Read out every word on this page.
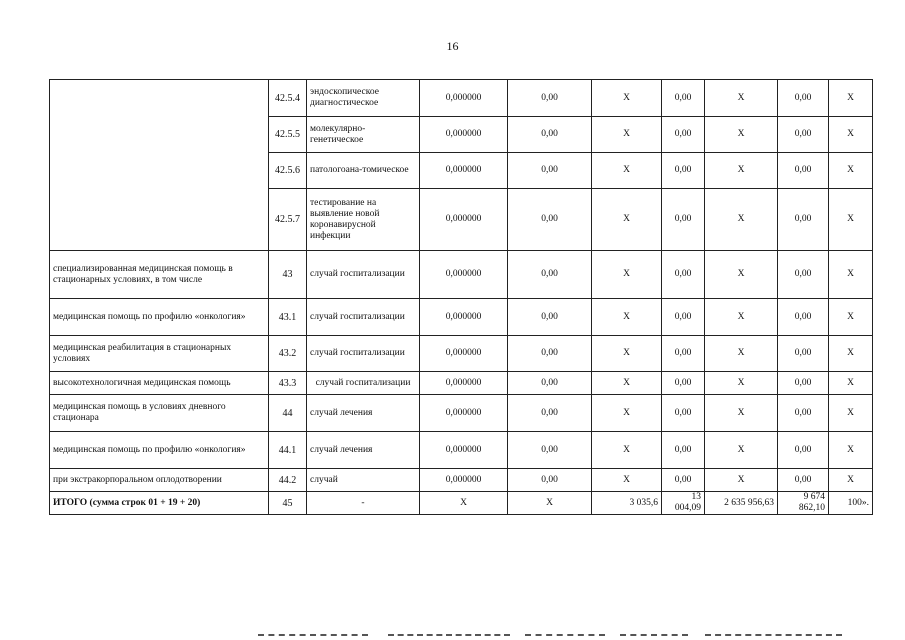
16
	42.5.4	эндоскопическое диагностическое	0,000000	0,00	Х	0,00	Х	0,00	Х
	42.5.5	молекулярно-генетическое	0,000000	0,00	Х	0,00	Х	0,00	Х
	42.5.6	патологоана-томическое	0,000000	0,00	Х	0,00	Х	0,00	Х
	42.5.7	тестирование на выявление новой коронавирусной инфекции	0,000000	0,00	Х	0,00	Х	0,00	Х
специализированная медицинская помощь в стационарных условиях, в том числе	43	случай госпитализации	0,000000	0,00	Х	0,00	Х	0,00	Х
медицинская помощь по профилю «онкология»	43.1	случай госпитализации	0,000000	0,00	Х	0,00	Х	0,00	Х
медицинская реабилитация в стационарных условиях	43.2	случай госпитализации	0,000000	0,00	Х	0,00	Х	0,00	Х
высокотехнологичная медицинская помощь	43.3	случай госпитализации	0,000000	0,00	Х	0,00	Х	0,00	Х
медицинская помощь в условиях дневного стационара	44	случай лечения	0,000000	0,00	Х	0,00	Х	0,00	Х
медицинская помощь по профилю «онкология»	44.1	случай лечения	0,000000	0,00	Х	0,00	Х	0,00	Х
при экстракорпоральном оплодотворении	44.2	случай	0,000000	0,00	Х	0,00	Х	0,00	Х
ИТОГО (сумма строк 01 + 19 + 20)	45	-	Х	Х	3 035,6	13 004,09	2 635 956,63	9 674 862,10	100».
